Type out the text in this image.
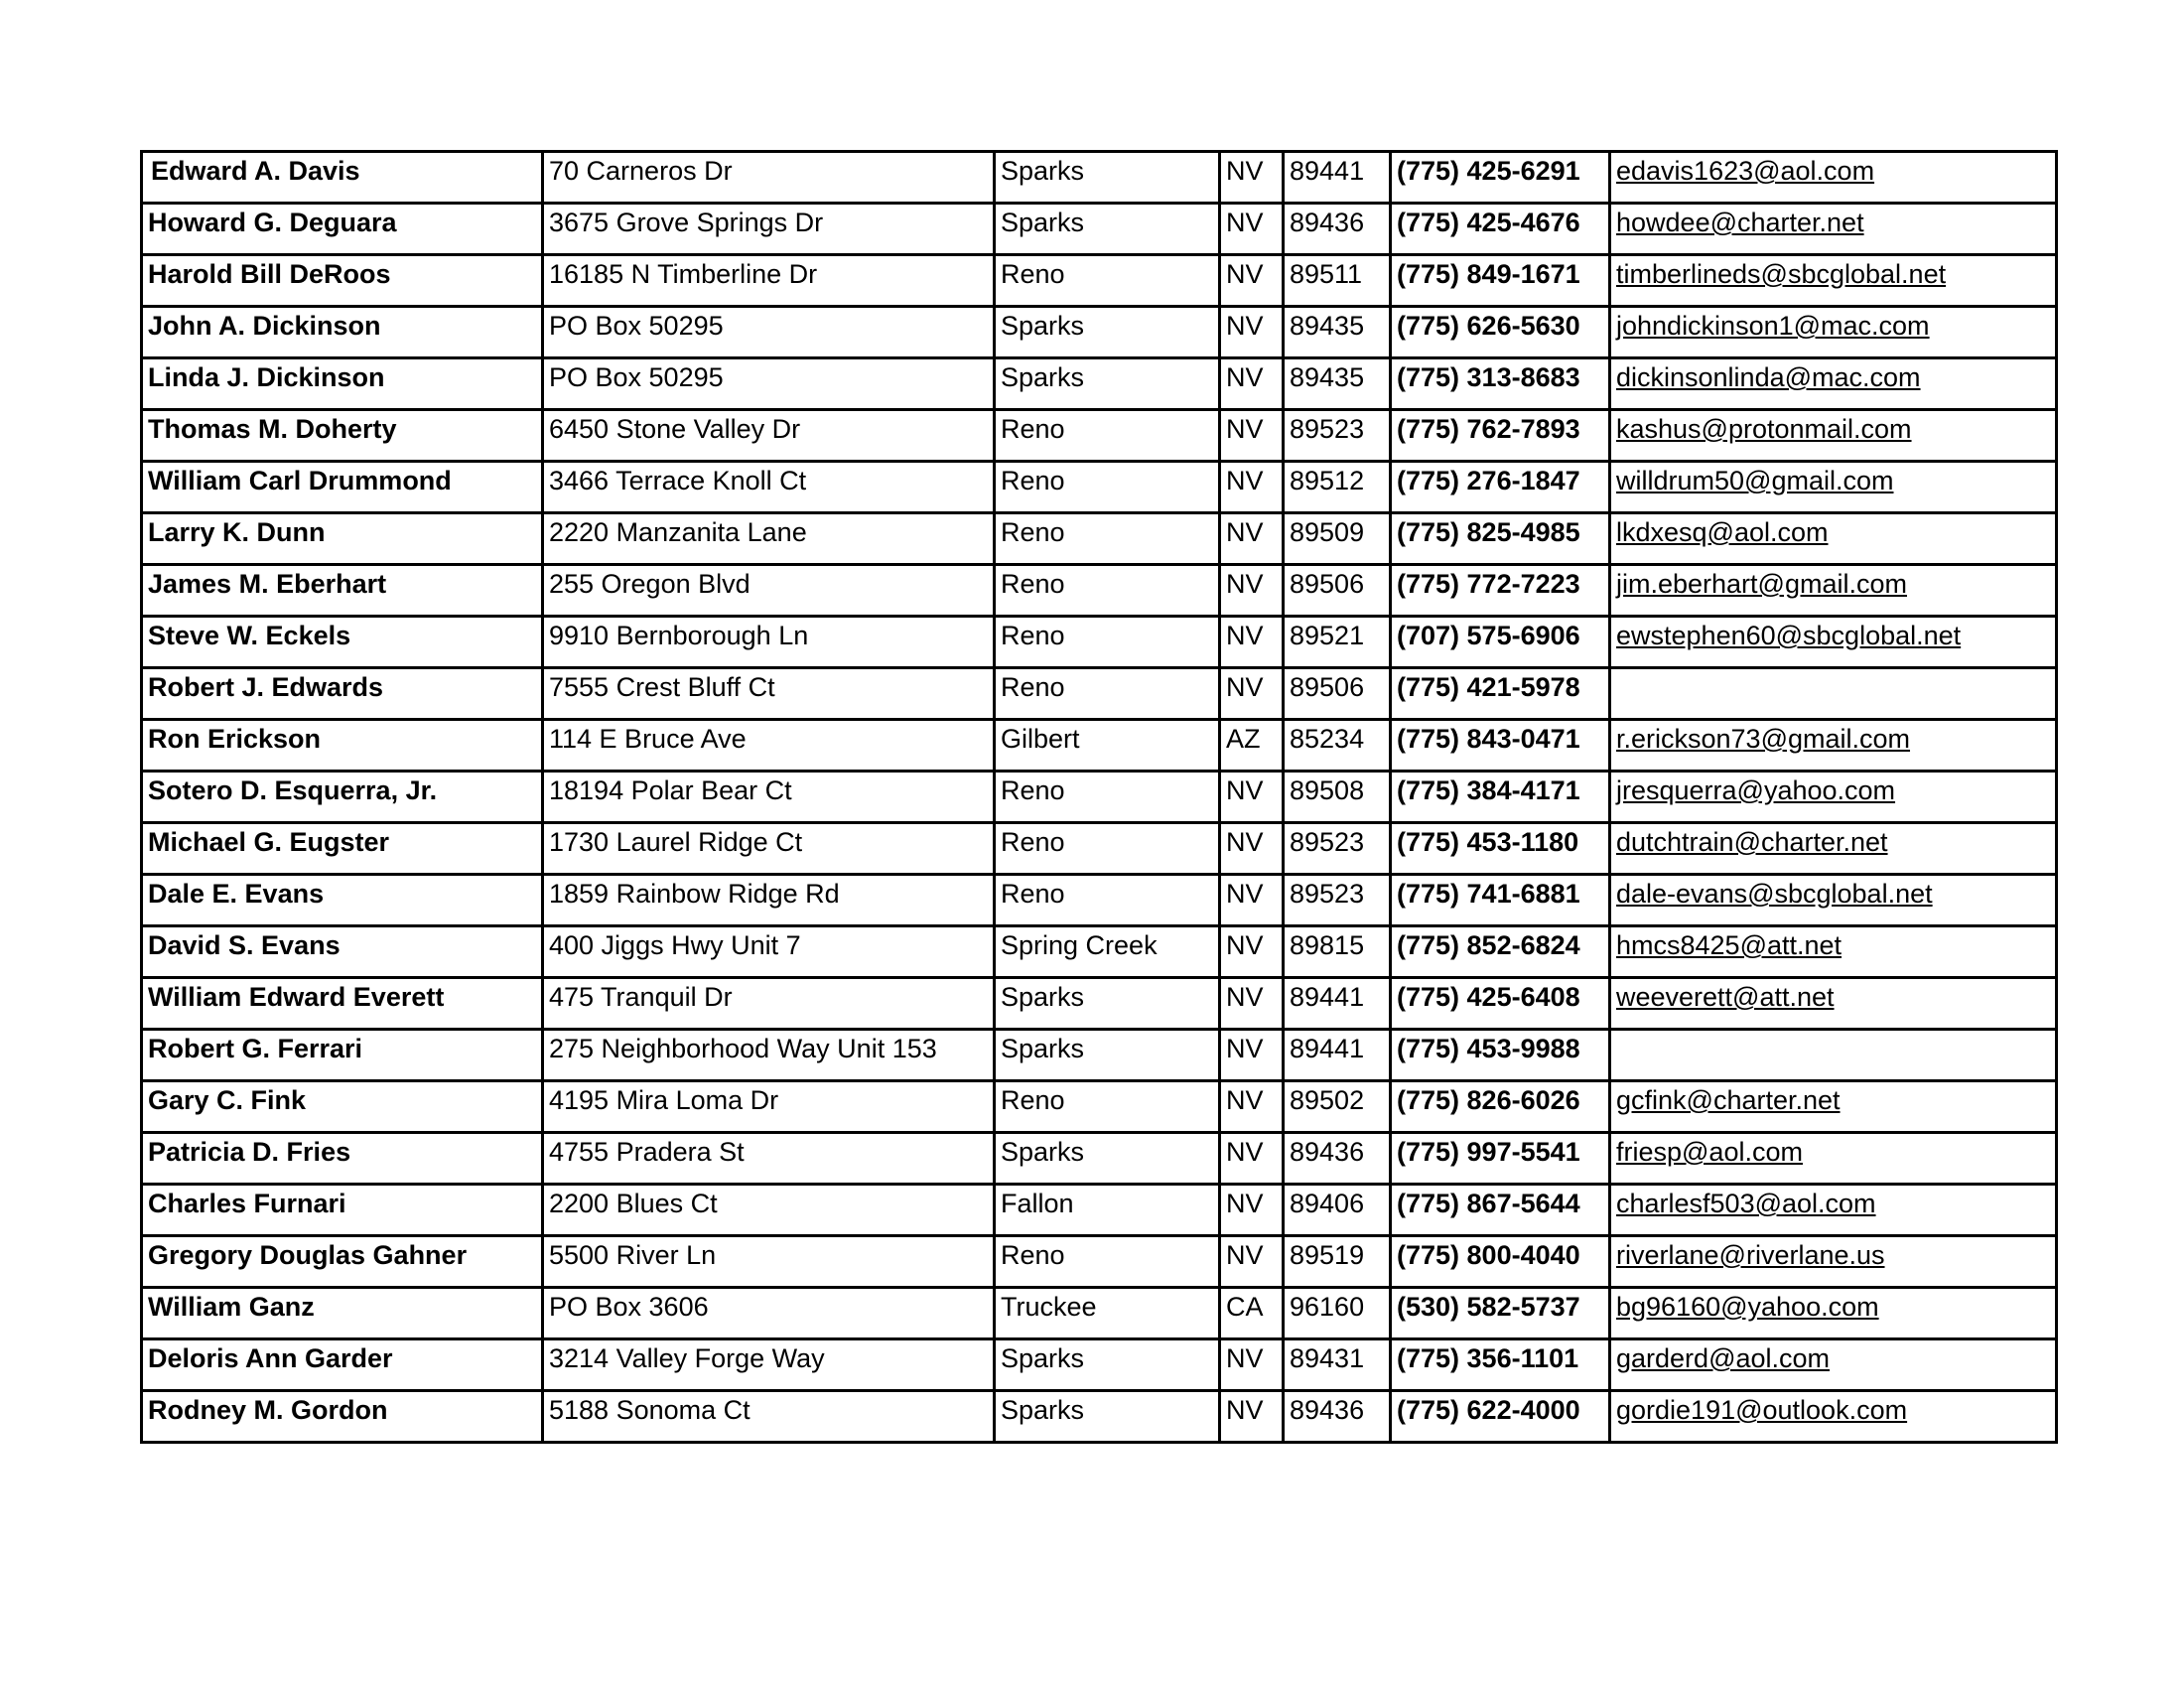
Edward A. Davis	70 Carneros Dr	Sparks	NV	89441	(775) 425-6291	edavis1623@aol.com
Howard G. Deguara	3675 Grove Springs Dr	Sparks	NV	89436	(775) 425-4676	howdee@charter.net
Harold Bill DeRoos	16185 N Timberline Dr	Reno	NV	89511	(775) 849-1671	timberlineds@sbcglobal.net
John A. Dickinson	PO Box 50295	Sparks	NV	89435	(775) 626-5630	johndickinson1@mac.com
Linda J. Dickinson	PO Box 50295	Sparks	NV	89435	(775) 313-8683	dickinsonlinda@mac.com
Thomas M. Doherty	6450 Stone Valley Dr	Reno	NV	89523	(775) 762-7893	kashus@protonmail.com
William Carl Drummond	3466 Terrace Knoll Ct	Reno	NV	89512	(775) 276-1847	willdrum50@gmail.com
Larry K. Dunn	2220 Manzanita Lane	Reno	NV	89509	(775) 825-4985	lkdxesq@aol.com
James M. Eberhart	255 Oregon Blvd	Reno	NV	89506	(775) 772-7223	jim.eberhart@gmail.com
Steve W. Eckels	9910 Bernborough Ln	Reno	NV	89521	(707) 575-6906	ewstephen60@sbcglobal.net
Robert J. Edwards	7555 Crest Bluff Ct	Reno	NV	89506	(775) 421-5978	
Ron Erickson	114 E Bruce Ave	Gilbert	AZ	85234	(775) 843-0471	r.erickson73@gmail.com
Sotero D. Esquerra, Jr.	18194 Polar Bear Ct	Reno	NV	89508	(775) 384-4171	jresquerra@yahoo.com
Michael G. Eugster	1730 Laurel Ridge Ct	Reno	NV	89523	(775) 453-1180	dutchtrain@charter.net
Dale E. Evans	1859 Rainbow Ridge Rd	Reno	NV	89523	(775) 741-6881	dale-evans@sbcglobal.net
David S. Evans	400 Jiggs Hwy Unit 7	Spring Creek	NV	89815	(775) 852-6824	hmcs8425@att.net
William Edward Everett	475 Tranquil Dr	Sparks	NV	89441	(775) 425-6408	weeverett@att.net
Robert G. Ferrari	275 Neighborhood Way Unit 153	Sparks	NV	89441	(775) 453-9988	
Gary C. Fink	4195 Mira Loma Dr	Reno	NV	89502	(775) 826-6026	gcfink@charter.net
Patricia D. Fries	4755 Pradera St	Sparks	NV	89436	(775) 997-5541	friesp@aol.com
Charles Furnari	2200 Blues Ct	Fallon	NV	89406	(775) 867-5644	charlesf503@aol.com
Gregory Douglas Gahner	5500 River Ln	Reno	NV	89519	(775) 800-4040	riverlane@riverlane.us
William Ganz	PO Box 3606	Truckee	CA	96160	(530) 582-5737	bg96160@yahoo.com
Deloris Ann Garder	3214 Valley Forge Way	Sparks	NV	89431	(775) 356-1101	garderd@aol.com
Rodney M. Gordon	5188 Sonoma Ct	Sparks	NV	89436	(775) 622-4000	gordie191@outlook.com
